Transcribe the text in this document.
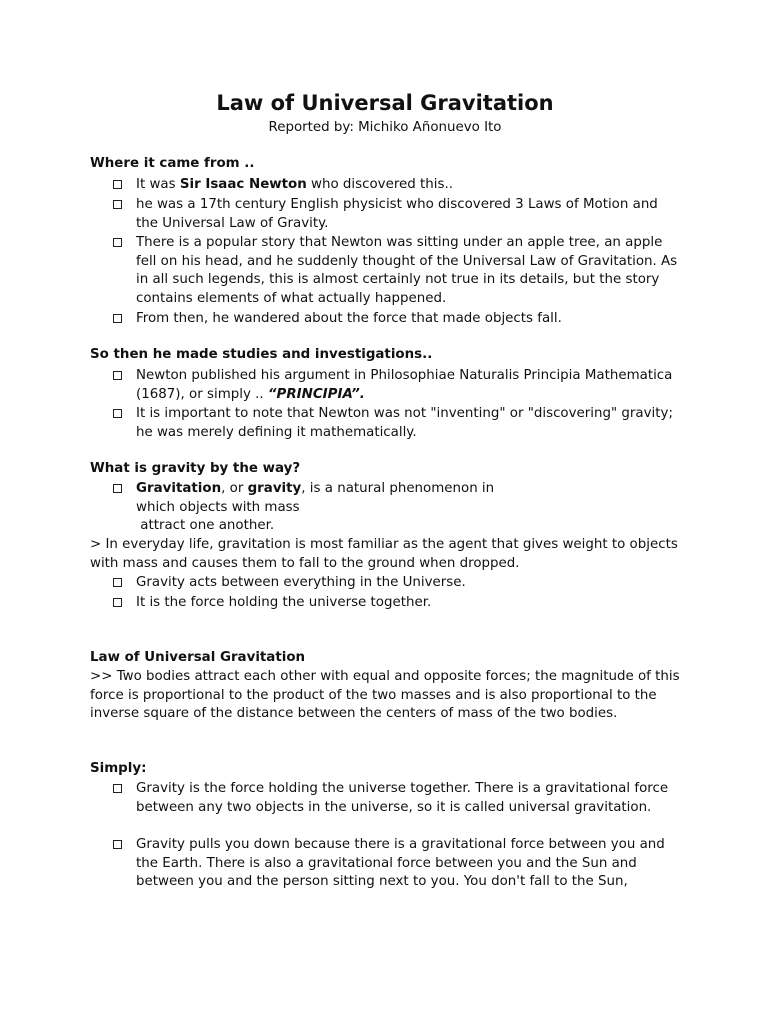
Law of Universal Gravitation
Reported by: Michiko Añonuevo Ito
Where it came from ..
It was Sir Isaac Newton who discovered this..
he was a 17th century English physicist who discovered 3 Laws of Motion and the Universal Law of Gravity.
There is a popular story that Newton was sitting under an apple tree, an apple fell on his head, and he suddenly thought of the Universal Law of Gravitation. As in all such legends, this is almost certainly not true in its details, but the story contains elements of what actually happened.
From then, he wandered about the force that made objects fall.
So then he made studies and investigations..
Newton published his argument in Philosophiae Naturalis Principia Mathematica (1687), or simply .. “PRINCIPIA”.
It is important to note that Newton was not "inventing" or "discovering" gravity; he was merely defining it mathematically.
What is gravity by the way?
Gravitation, or gravity, is a natural phenomenon in
which objects with mass
attract one another.
> In everyday life, gravitation is most familiar as the agent that gives weight to objects with mass and causes them to fall to the ground when dropped.
Gravity acts between everything in the Universe.
It is the force holding the universe together.
Law of Universal Gravitation
>> Two bodies attract each other with equal and opposite forces; the magnitude of this force is proportional to the product of the two masses and is also proportional to the inverse square of the distance between the centers of mass of the two bodies.
Simply:
Gravity is the force holding the universe together. There is a gravitational force between any two objects in the universe, so it is called universal gravitation.
Gravity pulls you down because there is a gravitational force between you and the Earth. There is also a gravitational force between you and the Sun and between you and the person sitting next to you. You don't fall to the Sun,
